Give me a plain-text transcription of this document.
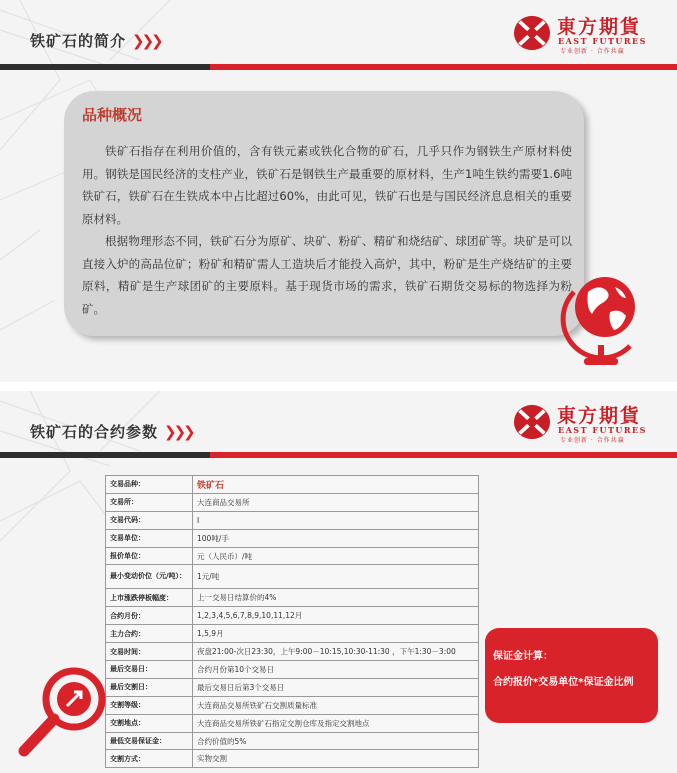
铁矿石的简介 ❯❯❯
東方期貨
EAST FUTURES
专业创新 · 合作共赢
品种概况

铁矿石指存在利用价值的，含有铁元素或铁化合物的矿石，几乎只作为钢铁生产原材料使用。钢铁是国民经济的支柱产业，铁矿石是钢铁生产最重要的原材料，生产1吨生铁约需要1.6吨铁矿石，铁矿石在生铁成本中占比超过60%，由此可见，铁矿石也是与国民经济息息相关的重要原材料。

根据物理形态不同，铁矿石分为原矿、块矿、粉矿、精矿和烧结矿、球团矿等。块矿是可以直接入炉的高品位矿；粉矿和精矿需人工造块后才能投入高炉，其中，粉矿是生产烧结矿的主要原料，精矿是生产球团矿的主要原料。基于现货市场的需求，铁矿石期货交易标的物选择为粉矿。

铁矿石的合约参数 ❯❯❯
東方期貨
EAST FUTURES
专业创新 · 合作共赢
交易品种：	铁矿石
交易所：	大连商品交易所
交易代码：	I
交易单位：	100吨/手
报价单位：	元（人民币）/吨
最小变动价位（元/吨）：	1元/吨
上市涨跌停板幅度：	上一交易日结算价的4%
合约月份：	1,2,3,4,5,6,7,8,9,10,11,12月
主力合约：	1,5,9月
交易时间：	夜盘21:00-次日23:30，上午9:00－10:15,10:30-11:30 ，下午1:30－3:00
最后交易日：	合约月份第10个交易日
最后交割日：	最后交易日后第3个交易日
交割等级：	大连商品交易所铁矿石交割质量标准
交割地点：	大连商品交易所铁矿石指定交割仓库及指定交割地点
最低交易保证金：	合约价值的5%
交割方式：	实物交割
保证金计算：
合约报价*交易单位*保证金比例
